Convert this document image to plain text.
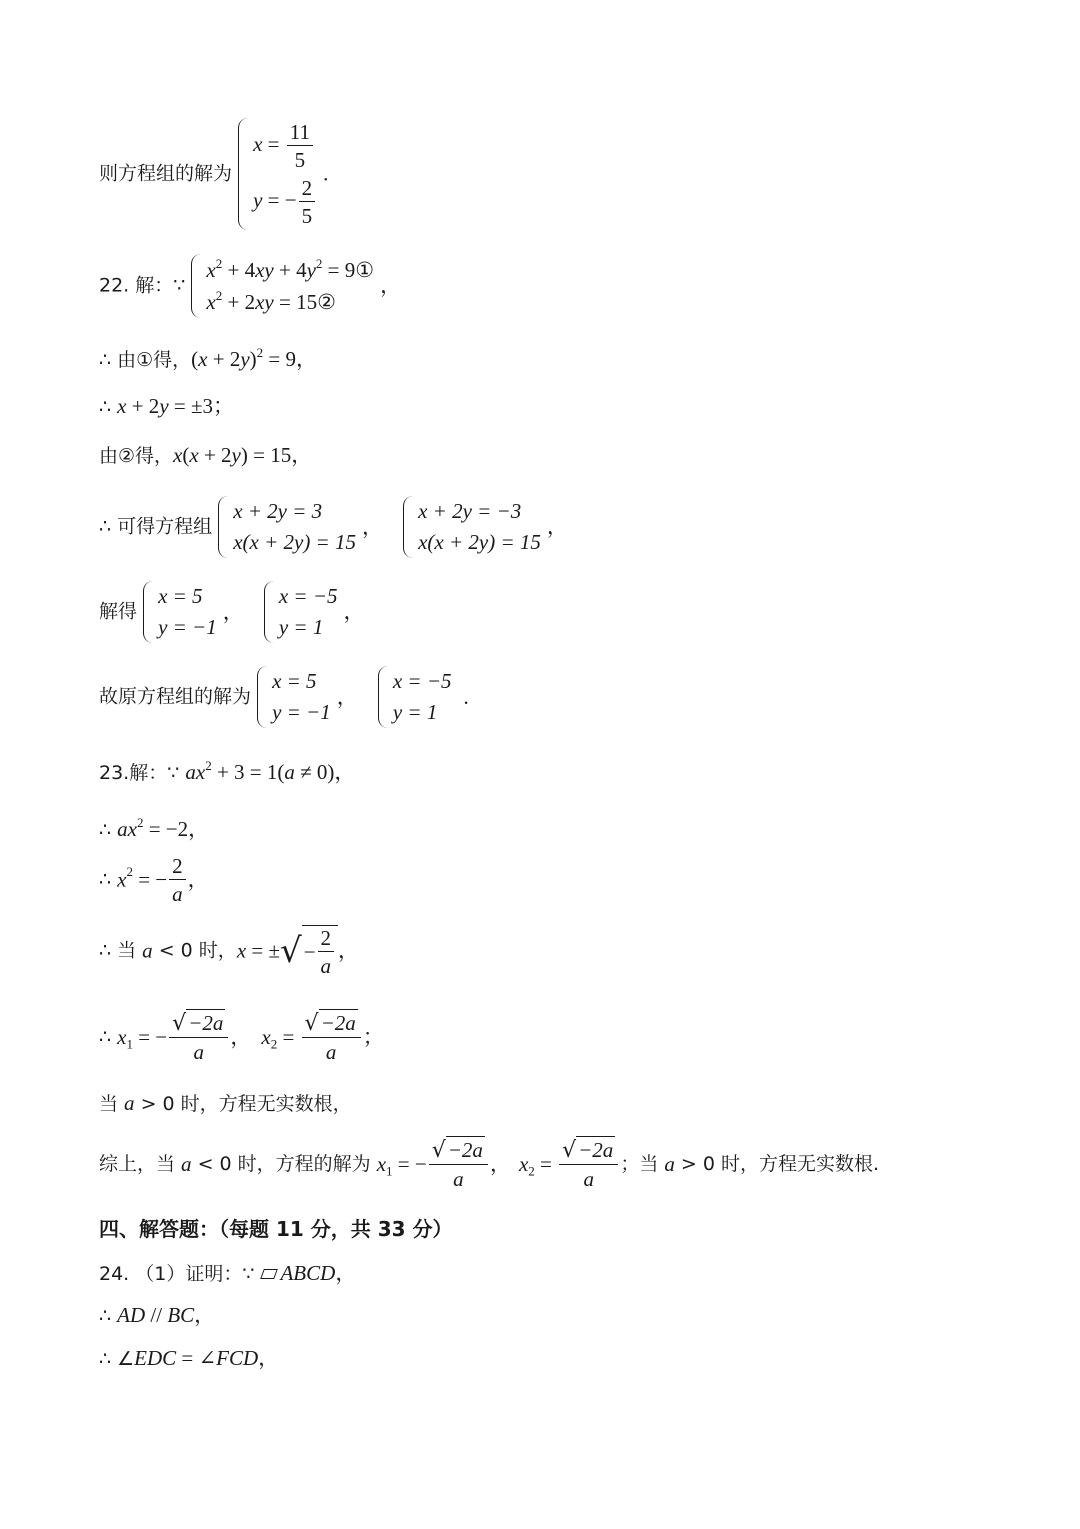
则方程组的解为
$x = \frac{11}{5}$
y = − $\frac{2}{5}$
.
22. 解：∵
$x^2 + 4xy + 4y^2$ = 9①
$x^2 + 2xy$ = 15②
，
∴ 由①得，$(x + 2y)^2 = 9$，
∴ x + 2y = ±3；
由②得，x(x + 2y) = 15，
∴ 可得方程组
x + 2y = 3
x(x + 2y) = 15
，
x + 2y = −3
x(x + 2y) = 15
，
解得
x = 5
y = −1
，
x = −5
y = 1
，
故原方程组的解为
x = 5
y = −1
，
x = −5
y = 1
.
23.解：∵ $ax^2 + 3 = 1(a \ne 0)$，
∴ $ax^2 = -2$，
∴ $x^2$ = − $\frac{2}{a}$ ，
∴ 当 a < 0 时，x = ±√ − $\frac{2}{a}$ ，
∴ $x_1$ = − $\frac{√-2a}{a}$ ， $x_2 = \frac{√-2a}{a}$ ；
当 a > 0 时，方程无实数根，
综上，当 a < 0 时，方程的解为 $x_1$ = − $\frac{√-2a}{a}$ ， $x_2 = \frac{√-2a}{a}$ ；当 a > 0 时，方程无实数根.
四、解答题：（每题 11 分，共 33 分）
24. （1）证明：∵ ABCD，
∴ AD // BC，
∴ ∠EDC = ∠FCD，
